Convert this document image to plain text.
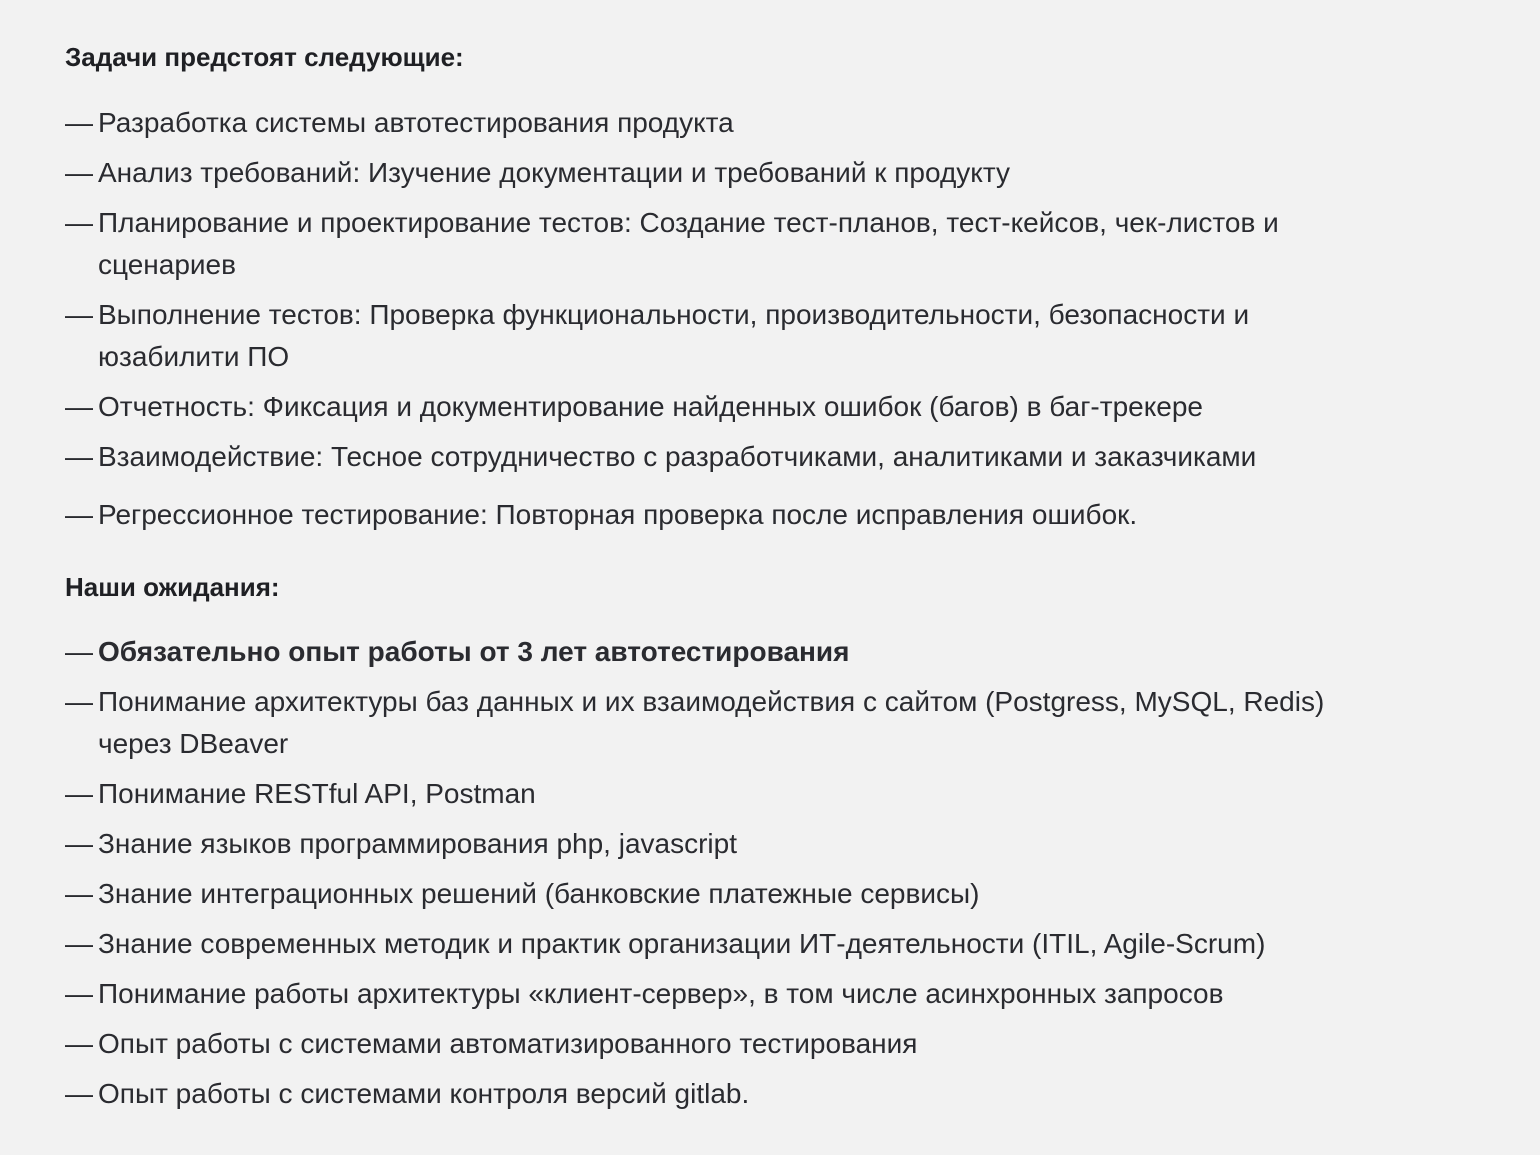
Задачи предстоят следующие:
— Разработка системы автотестирования продукта
— Анализ требований: Изучение документации и требований к продукту
— Планирование и проектирование тестов: Создание тест-планов, тест-кейсов, чек-листов и сценариев
— Выполнение тестов: Проверка функциональности, производительности, безопасности и юзабилити ПО
— Отчетность: Фиксация и документирование найденных ошибок (багов) в баг-трекере
— Взаимодействие: Тесное сотрудничество с разработчиками, аналитиками и заказчиками
— Регрессионное тестирование: Повторная проверка после исправления ошибок.
Наши ожидания:
— Обязательно опыт работы от 3 лет автотестирования
— Понимание архитектуры баз данных и их взаимодействия с сайтом (Postgress, MySQL, Redis) через DBeaver
— Понимание RESTful API, Postman
— Знание языков программирования php, javascript
— Знание интеграционных решений (банковские платежные сервисы)
— Знание современных методик и практик организации ИТ-деятельности (ITIL, Agile-Scrum)
— Понимание работы архитектуры «клиент-сервер», в том числе асинхронных запросов
— Опыт работы с системами автоматизированного тестирования
— Опыт работы с системами контроля версий gitlab.
